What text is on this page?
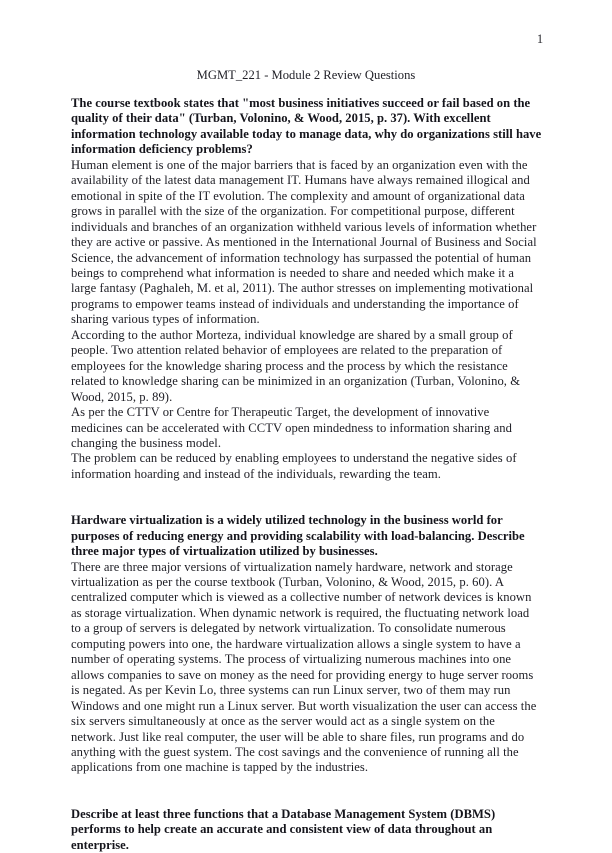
1
MGMT_221 - Module 2 Review Questions

The course textbook states that "most business initiatives succeed or fail based on the quality of their data" (Turban, Volonino, & Wood, 2015, p. 37). With excellent information technology available today to manage data, why do organizations still have information deficiency problems?

Human element is one of the major barriers that is faced by an organization even with the availability of the latest data management IT. Humans have always remained illogical and emotional in spite of the IT evolution. The complexity and amount of organizational data grows in parallel with the size of the organization. For competitional purpose, different individuals and branches of an organization withheld various levels of information whether they are active or passive. As mentioned in the International Journal of Business and Social Science, the advancement of information technology has surpassed the potential of human beings to comprehend what information is needed to share and needed which make it a large fantasy (Paghaleh, M. et al, 2011). The author stresses on implementing motivational programs to empower teams instead of individuals and understanding the importance of sharing various types of information.

According to the author Morteza, individual knowledge are shared by a small group of people. Two attention related behavior of employees are related to the preparation of employees for the knowledge sharing process and the process by which the resistance related to knowledge sharing can be minimized in an organization (Turban, Volonino, & Wood, 2015, p. 89).

As per the CTTV or Centre for Therapeutic Target, the development of innovative medicines can be accelerated with CCTV open mindedness to information sharing and changing the business model.

The problem can be reduced by enabling employees to understand the negative sides of information hoarding and instead of the individuals, rewarding the team.

Hardware virtualization is a widely utilized technology in the business world for purposes of reducing energy and providing scalability with load-balancing. Describe three major types of virtualization utilized by businesses.

There are three major versions of virtualization namely hardware, network and storage virtualization as per the course textbook (Turban, Volonino, & Wood, 2015, p. 60). A centralized computer which is viewed as a collective number of network devices is known as storage virtualization. When dynamic network is required, the fluctuating network load to a group of servers is delegated by network virtualization. To consolidate numerous computing powers into one, the hardware virtualization allows a single system to have a number of operating systems. The process of virtualizing numerous machines into one allows companies to save on money as the need for providing energy to huge server rooms is negated. As per Kevin Lo, three systems can run Linux server, two of them may run Windows and one might run a Linux server. But worth visualization the user can access the six servers simultaneously at once as the server would act as a single system on the network. Just like real computer, the user will be able to share files, run programs and do anything with the guest system. The cost savings and the convenience of running all the applications from one machine is tapped by the industries.

Describe at least three functions that a Database Management System (DBMS) performs to help create an accurate and consistent view of data throughout an enterprise.
